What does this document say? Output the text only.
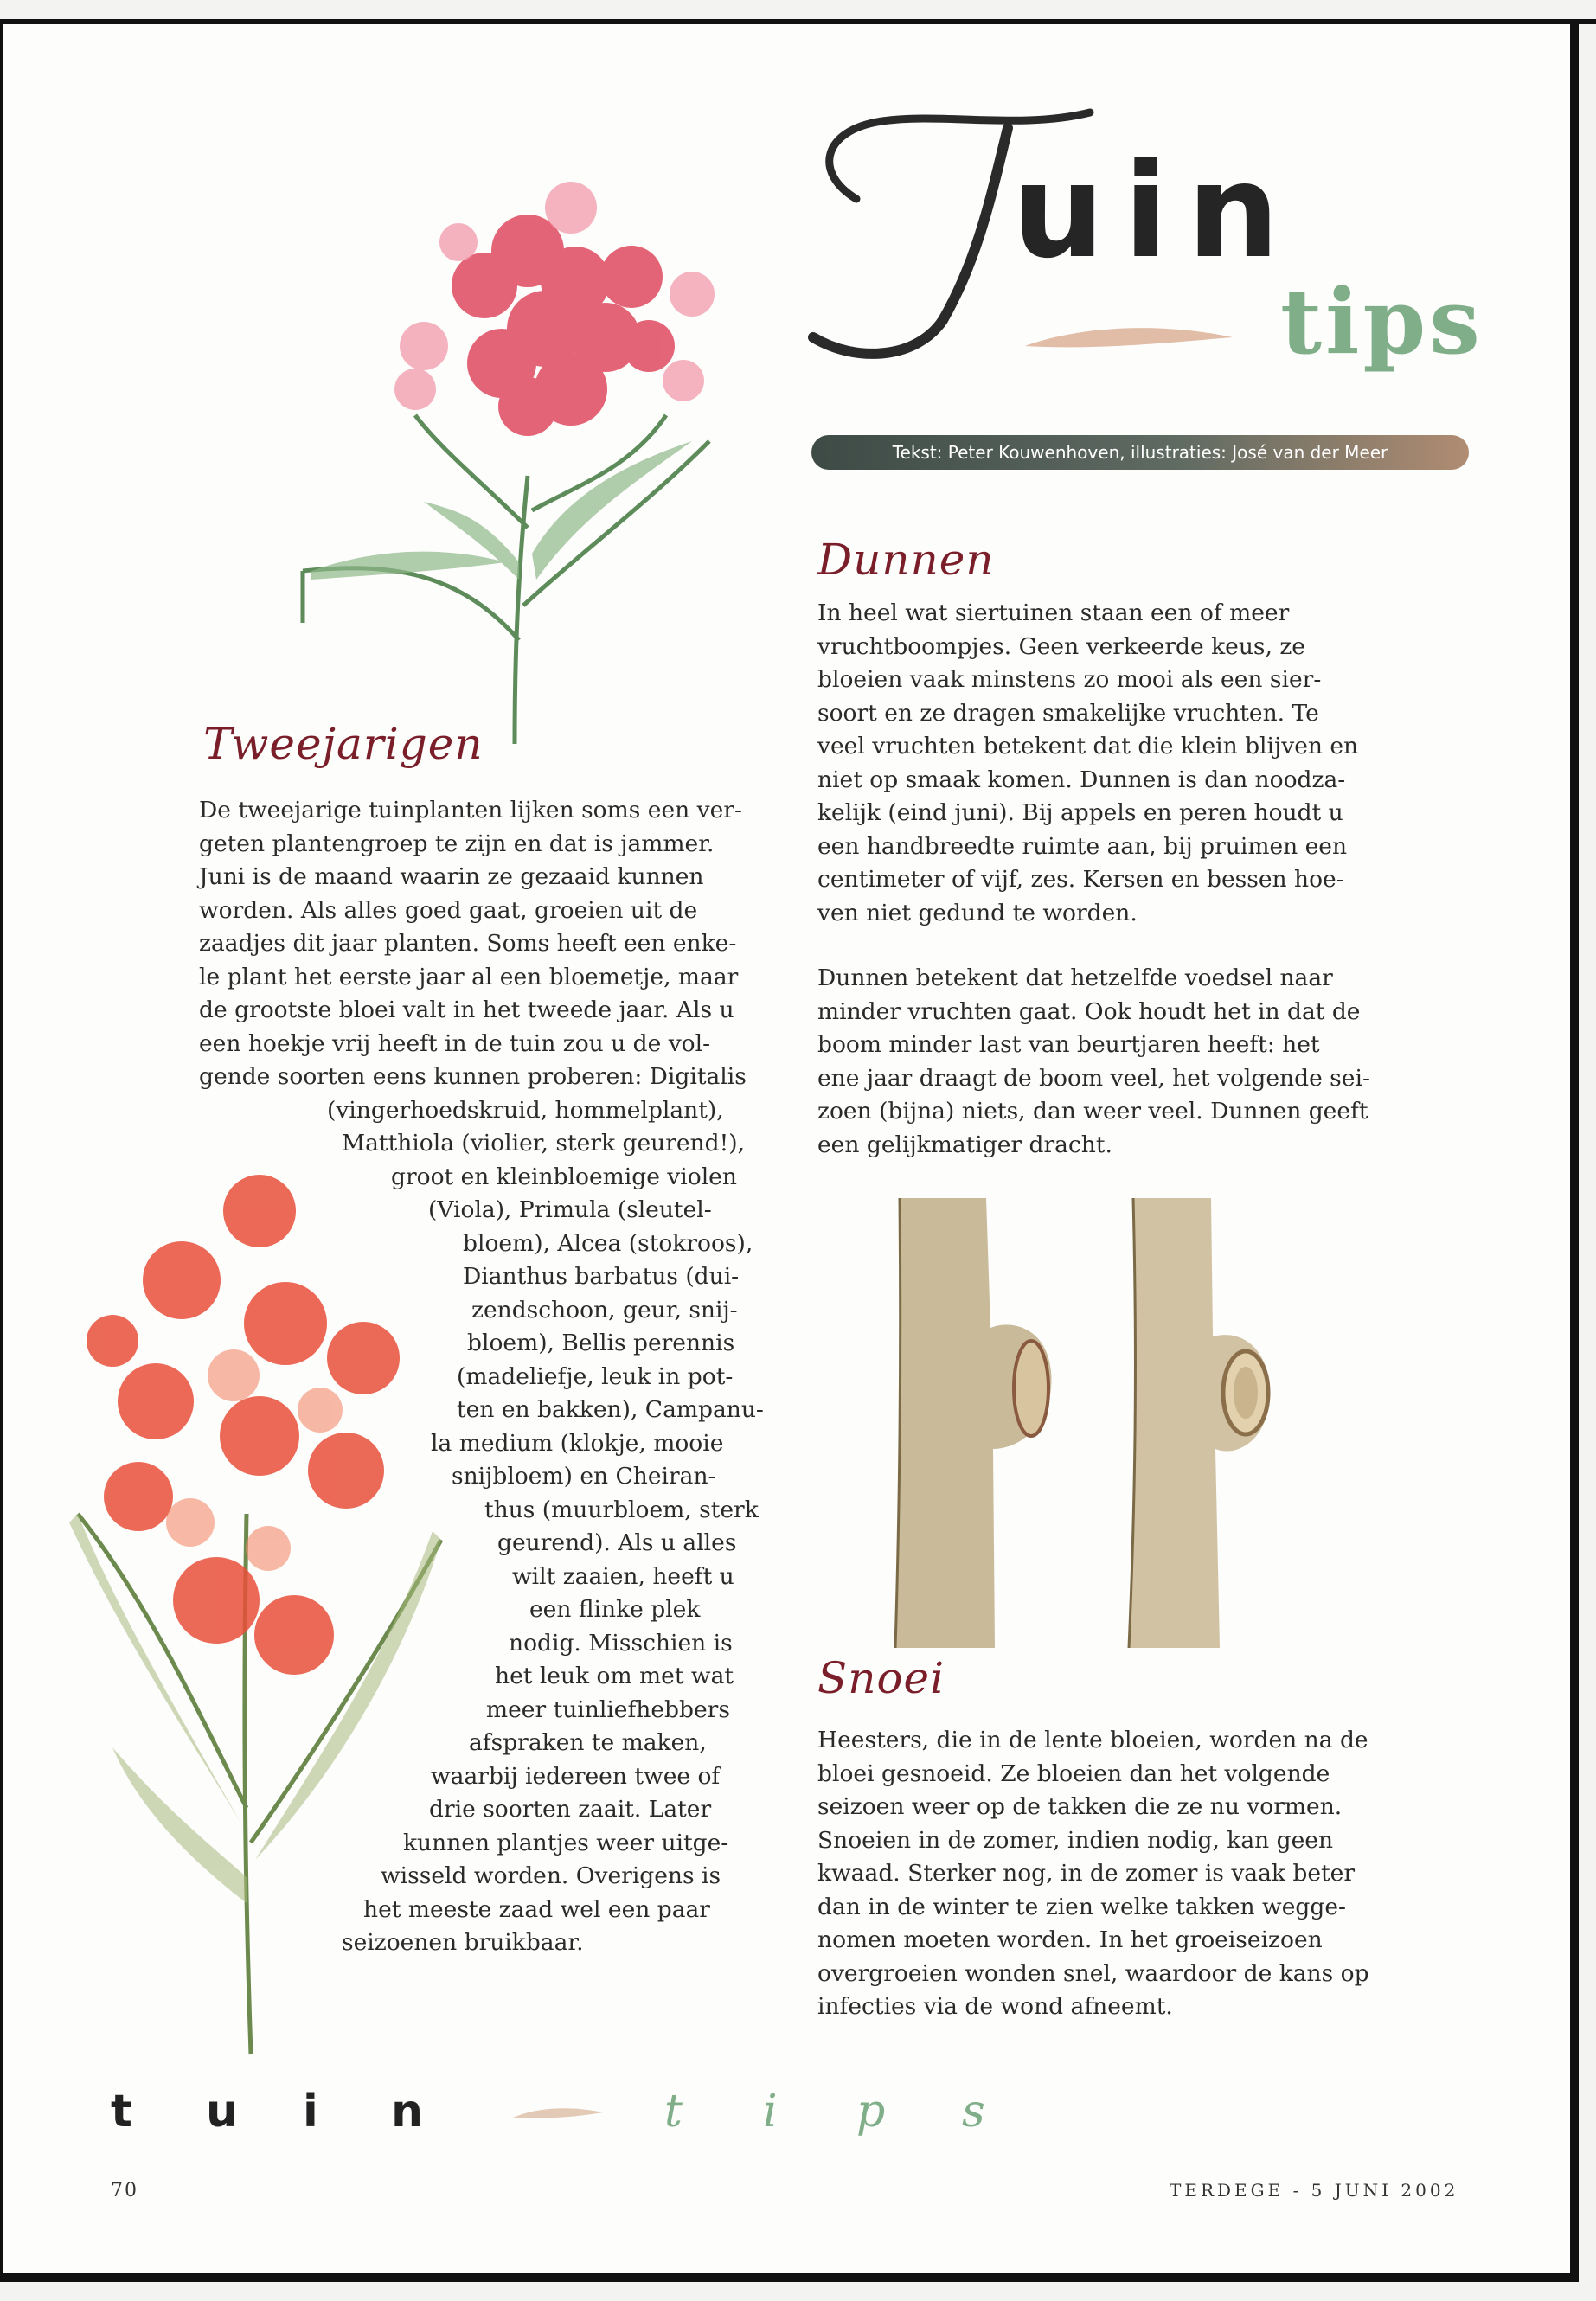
T
uin
tips
Tekst: Peter Kouwenhoven, illustraties: José van der Meer
Tweejarigen
De tweejarige tuinplanten lijken soms een ver-
geten plantengroep te zijn en dat is jammer.
Juni is de maand waarin ze gezaaid kunnen
worden. Als alles goed gaat, groeien uit de
zaadjes dit jaar planten. Soms heeft een enke-
le plant het eerste jaar al een bloemetje, maar
de grootste bloei valt in het tweede jaar. Als u
een hoekje vrij heeft in de tuin zou u de vol-
gende soorten eens kunnen proberen: Digitalis
(vingerhoedskruid, hommelplant),
Matthiola (violier, sterk geurend!),
groot en kleinbloemige violen
(Viola), Primula (sleutel-
bloem), Alcea (stokroos),
Dianthus barbatus (dui-
zendschoon, geur, snij-
bloem), Bellis perennis
(madeliefje, leuk in pot-
ten en bakken), Campanu-
la medium (klokje, mooie
snijbloem) en Cheiran-
thus (muurbloem, sterk
geurend). Als u alles
wilt zaaien, heeft u
een flinke plek
nodig. Misschien is
het leuk om met wat
meer tuinliefhebbers
afspraken te maken,
waarbij iedereen twee of
drie soorten zaait. Later
kunnen plantjes weer uitge-
wisseld worden. Overigens is
het meeste zaad wel een paar
seizoenen bruikbaar.
Dunnen
In heel wat siertuinen staan een of meer
vruchtboompjes. Geen verkeerde keus, ze
bloeien vaak minstens zo mooi als een sier-
soort en ze dragen smakelijke vruchten. Te
veel vruchten betekent dat die klein blijven en
niet op smaak komen. Dunnen is dan noodza-
kelijk (eind juni). Bij appels en peren houdt u
een handbreedte ruimte aan, bij pruimen een
centimeter of vijf, zes. Kersen en bessen hoe-
ven niet gedund te worden.
Dunnen betekent dat hetzelfde voedsel naar
minder vruchten gaat. Ook houdt het in dat de
boom minder last van beurtjaren heeft: het
ene jaar draagt de boom veel, het volgende sei-
zoen (bijna) niets, dan weer veel. Dunnen geeft
een gelijkmatiger dracht.
Snoei
Heesters, die in de lente bloeien, worden na de
bloei gesnoeid. Ze bloeien dan het volgende
seizoen weer op de takken die ze nu vormen.
Snoeien in de zomer, indien nodig, kan geen
kwaad. Sterker nog, in de zomer is vaak beter
dan in de winter te zien welke takken wegge-
nomen moeten worden. In het groeiseizoen
overgroeien wonden snel, waardoor de kans op
infecties via de wond afneemt.
t u i n	t i p s
70	TERDEGE - 5 JUNI 2002
